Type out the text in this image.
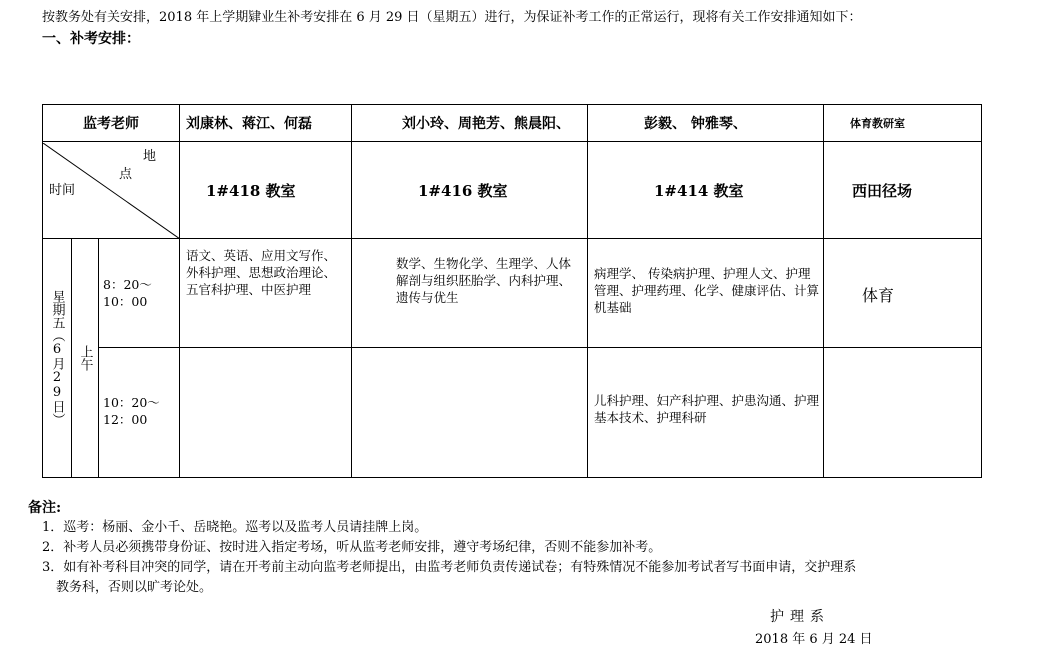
按教务处有关安排，2018 年上学期肄业生补考安排在 6 月 29 日（星期五）进行，为保证补考工作的正常运行，现将有关工作安排通知如下：
一、补考安排：
监考老师			刘康林、蒋江、何磊	刘小玲、周艳芳、熊晨阳、	彭毅、 钟雅琴、	体育教研室

地
点
时间			1#418 教室	1#416 教室	1#414 教室	西田径场

星期五（6月29日）	上午	8：20～10：00	语文、英语、应用文写作、外科护理、思想政治理论、五官科护理、中医护理	数学、生物化学、生理学、人体解剖与组织胚胎学、内科护理、遗传与优生	病理学、 传染病护理、护理人文、护理管理、护理药理、化学、健康评估、计算机基础	体育
		10：20～12：00			儿科护理、妇产科护理、护患沟通、护理基本技术、护理科研	
备注:
1．巡考：杨丽、金小千、岳晓艳。巡考以及监考人员请挂牌上岗。
2．补考人员必须携带身份证、按时进入指定考场，听从监考老师安排，遵守考场纪律，否则不能参加补考。
3．如有补考科目冲突的同学，请在开考前主动向监考老师提出，由监考老师负责传递试卷；有特殊情况不能参加考试者写书面申请，交护理系
教务科，否则以旷考论处。
护理系
2018 年 6 月 24 日
